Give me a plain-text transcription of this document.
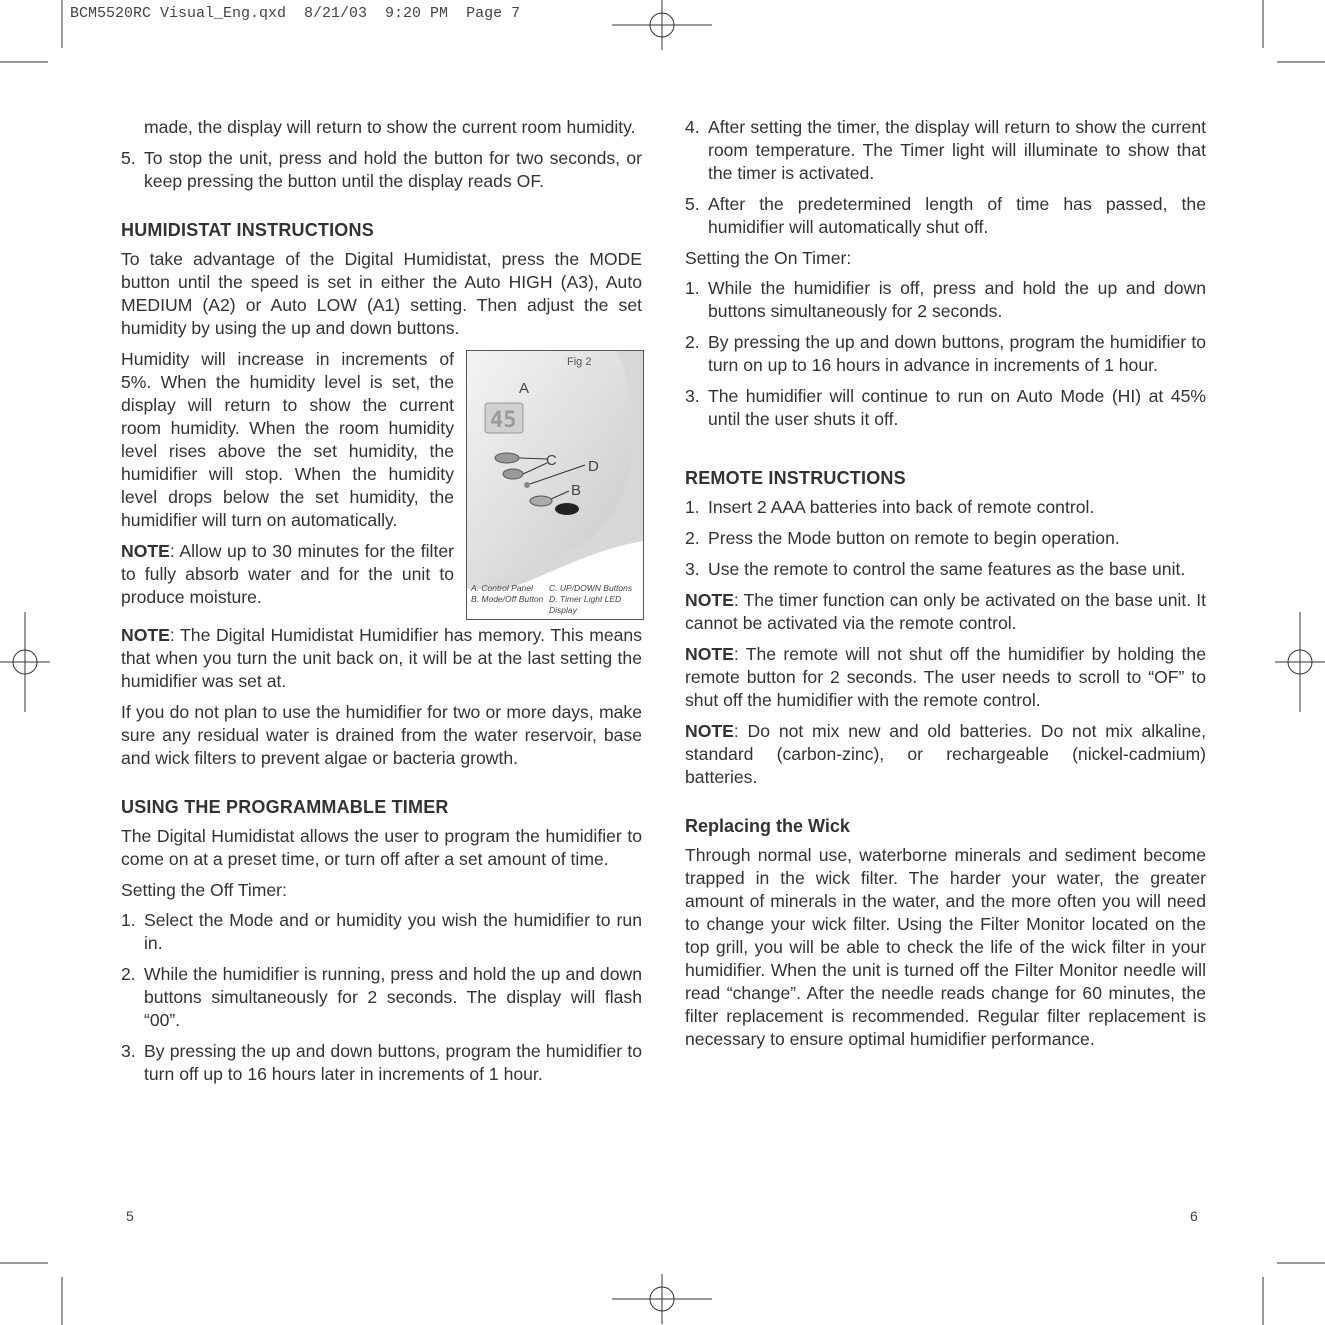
BCM5520RC Visual_Eng.qxd  8/21/03  9:20 PM  Page 7

made, the display will return to show the current room humidity.

5. To stop the unit, press and hold the button for two seconds, or keep pressing the button until the display reads OF.
HUMIDISTAT INSTRUCTIONS

To take advantage of the Digital Humidistat, press the MODE button until the speed is set in either the Auto HIGH (A3), Auto MEDIUM (A2) or Auto LOW (A1) setting. Then adjust the set humidity by using the up and down buttons.

45
Fig 2
A
C D
B
A. Control Panel	C. UP/DOWN Buttons
B. Mode/Off Button D. Timer Light LED Display

Humidity will increase in increments of 5%. When the humidity level is set, the display will return to show the current room humidity. When the room humidity level rises above the set humidity, the humidifier will stop. When the humidity level drops below the set humidity, the humidifier will turn on automatically.

NOTE: Allow up to 30 minutes for the filter to fully absorb water and for the unit to produce moisture.

NOTE: The Digital Humidistat Humidifier has memory. This means that when you turn the unit back on, it will be at the last setting the humidifier was set at.

If you do not plan to use the humidifier for two or more days, make sure any residual water is drained from the water reservoir, base and wick filters to prevent algae or bacteria growth.

USING THE PROGRAMMABLE TIMER

The Digital Humidistat allows the user to program the humidifier to come on at a preset time, or turn off after a set amount of time.

Setting the Off Timer:

1. Select the Mode and or humidity you wish the humidifier to run in.
2. While the humidifier is running, press and hold the up and down buttons simultaneously for 2 seconds. The display will flash “00”.
3. By pressing the up and down buttons, program the humidifier to turn off up to 16 hours later in increments of 1 hour.
4. After setting the timer, the display will return to show the current room temperature. The Timer light will illuminate to show that the timer is activated.
5. After the predetermined length of time has passed, the humidifier will automatically shut off.

Setting the On Timer:

1. While the humidifier is off, press and hold the up and down buttons simultaneously for 2 seconds.
2. By pressing the up and down buttons, program the humidifier to turn on up to 16 hours in advance in increments of 1 hour.
3. The humidifier will continue to run on Auto Mode (HI) at 45% until the user shuts it off.
REMOTE INSTRUCTIONS
1. Insert 2 AAA batteries into back of remote control.
2. Press the Mode button on remote to begin operation.
3. Use the remote to control the same features as the base unit.

NOTE: The timer function can only be activated on the base unit. It cannot be activated via the remote control.

NOTE: The remote will not shut off the humidifier by holding the remote button for 2 seconds. The user needs to scroll to “OF” to shut off the humidifier with the remote control.

NOTE: Do not mix new and old batteries. Do not mix alkaline, standard (carbon-zinc), or rechargeable (nickel-cadmium) batteries.

Replacing the Wick

Through normal use, waterborne minerals and sediment become trapped in the wick filter. The harder your water, the greater amount of minerals in the water, and the more often you will need to change your wick filter. Using the Filter Monitor located on the top grill, you will be able to check the life of the wick filter in your humidifier. When the unit is turned off the Filter Monitor needle will read “change”. After the needle reads change for 60 minutes, the filter replacement is recommended. Regular filter replacement is necessary to ensure optimal humidifier performance.

5	6
